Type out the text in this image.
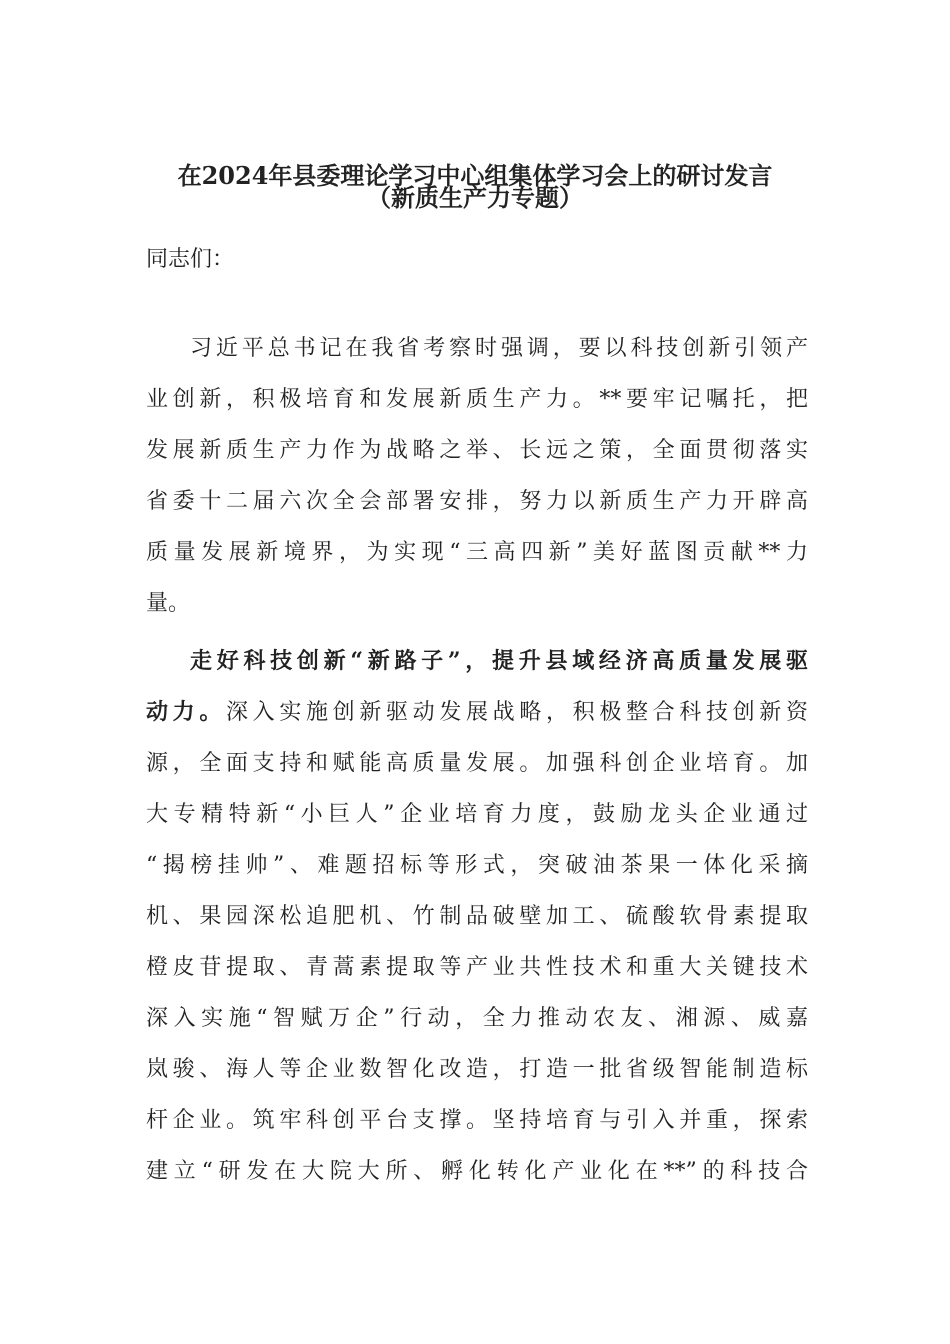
在2024年县委理论学习中心组集体学习会上的研讨发言
（新质生产力专题）
同志们：
习近平总书记在我省考察时强调，要以科技创新引领产
业创新，积极培育和发展新质生产力。**要牢记嘱托，把
发展新质生产力作为战略之举、长远之策，全面贯彻落实
省委十二届六次全会部署安排，努力以新质生产力开辟高
质量发展新境界，为实现“三高四新”美好蓝图贡献**力
量。
走好科技创新“新路子”，提升县域经济高质量发展驱
动力。深入实施创新驱动发展战略，积极整合科技创新资
源，全面支持和赋能高质量发展。加强科创企业培育。加
大专精特新“小巨人”企业培育力度，鼓励龙头企业通过
“揭榜挂帅”、难题招标等形式，突破油茶果一体化采摘
机、果园深松追肥机、竹制品破壁加工、硫酸软骨素提取
橙皮苷提取、青蒿素提取等产业共性技术和重大关键技术
深入实施“智赋万企”行动，全力推动农友、湘源、威嘉
岚骏、海人等企业数智化改造，打造一批省级智能制造标
杆企业。筑牢科创平台支撑。坚持培育与引入并重，探索
建立“研发在大院大所、孵化转化产业化在**”的科技合
